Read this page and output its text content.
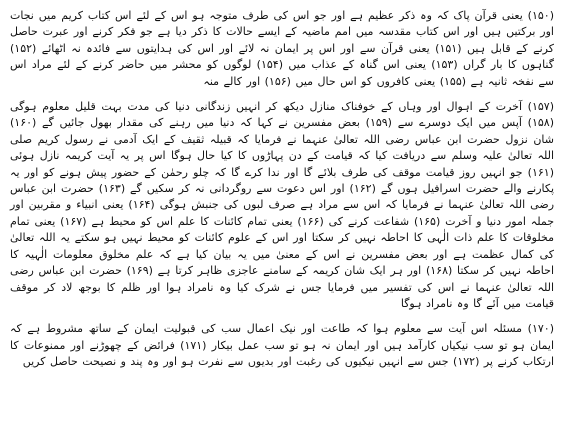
(۱۵۰) یعنی قرآن پاک کہ وہ ذکر عظیم ہے اور جو اس کی طرف متوجہ ہو اس کے لئے اس کتاب کریم میں نجات اور برکتیں ہیں اور اس کتاب مقدسہ میں امم ماضیہ کے ایسے حالات کا ذکر دیا ہے جو فکر کرنے اور عبرت حاصل کرنے کے قابل ہیں (۱۵۱) یعنی قرآن سے اور اس پر ایمان نہ لائے اور اس کی ہدایتوں سے فائدہ نہ اٹھائے (۱۵۲) گناہوں کا بار گراں (۱۵۳) یعنی اس گناہ کے عذاب میں (۱۵۴) لوگوں کو محشر میں حاضر کرنے کے لئے مراد اس سے نفخہ ثانیہ ہے (۱۵۵) یعنی کافروں کو اس حال میں (۱۵۶) اور کالے منہ

(۱۵۷) آخرت کے اہوال اور وہاں کے خوفناک منازل دیکھ کر انہیں زندگانی دنیا کی مدت بہت قلیل معلوم ہوگی (۱۵۸) آپس میں ایک دوسرے سے (۱۵۹) بعض مفسرین نے کہا کہ دنیا میں رہنے کی مقدار بھول جائیں گے (۱۶۰) شان نزول حضرت ابن عباس رضی اللہ تعالیٰ عنہما نے فرمایا کہ قبیلہ ثقیف کے ایک آدمی نے رسول کریم صلی اللہ تعالیٰ علیہ وسلم سے دریافت کیا کہ قیامت کے دن پہاڑوں کا کیا حال ہوگا اس پر یہ آیت کریمہ نازل ہوئی (۱۶۱) جو انہیں روز قیامت موقف کی طرف بلائے گا اور ندا کرے گا کہ چلو رحمٰن کے حضور پیش ہونے کو اور یہ پکارنے والے حضرت اسرافیل ہوں گے (۱۶۲) اور اس دعوت سے روگردانی نہ کر سکیں گے (۱۶۳) حضرت ابن عباس رضی اللہ تعالیٰ عنہما نے فرمایا کہ اس سے مراد ہے صرف لبوں کی جنبش ہوگی (۱۶۴) یعنی انبیاء و مقربین اور جملہ امور دنیا و آخرت (۱۶۵) شفاعت کرنے کی (۱۶۶) یعنی تمام کائنات کا علم اس کو محیط ہے (۱۶۷) یعنی تمام مخلوقات کا علم ذات الٰہی کا احاطہ نہیں کر سکتا اور اس کے علوم کائنات کو محیط نہیں ہو سکتے یہ اللہ تعالیٰ کی کمال عظمت ہے اور بعض مفسرین نے اس کے معنیٰ میں یہ بیان کیا ہے کہ علم مخلوق معلومات الٰہیہ کا احاطہ نہیں کر سکتا (۱۶۸) اور ہر ایک شان کریمہ کے سامنے عاجزی ظاہر کرتا ہے (۱۶۹) حضرت ابن عباس رضی اللہ تعالیٰ عنہما نے اس کی تفسیر میں فرمایا جس نے شرک کیا وہ نامراد ہوا اور ظلم کا بوجھ لاد کر موقف قیامت میں آئے گا وہ نامراد ہوگا

(۱۷۰) مسئلہ اس آیت سے معلوم ہوا کہ طاعت اور نیک اعمال سب کی قبولیت ایمان کے ساتھ مشروط ہے کہ ایمان ہو تو سب نیکیاں کارآمد ہیں اور ایمان نہ ہو تو سب عمل بیکار (۱۷۱) فرائض کے چھوڑنے اور ممنوعات کا ارتکاب کرنے پر (۱۷۲) جس سے انہیں نیکیوں کی رغبت اور بدیوں سے نفرت ہو اور وہ پند و نصیحت حاصل کریں
